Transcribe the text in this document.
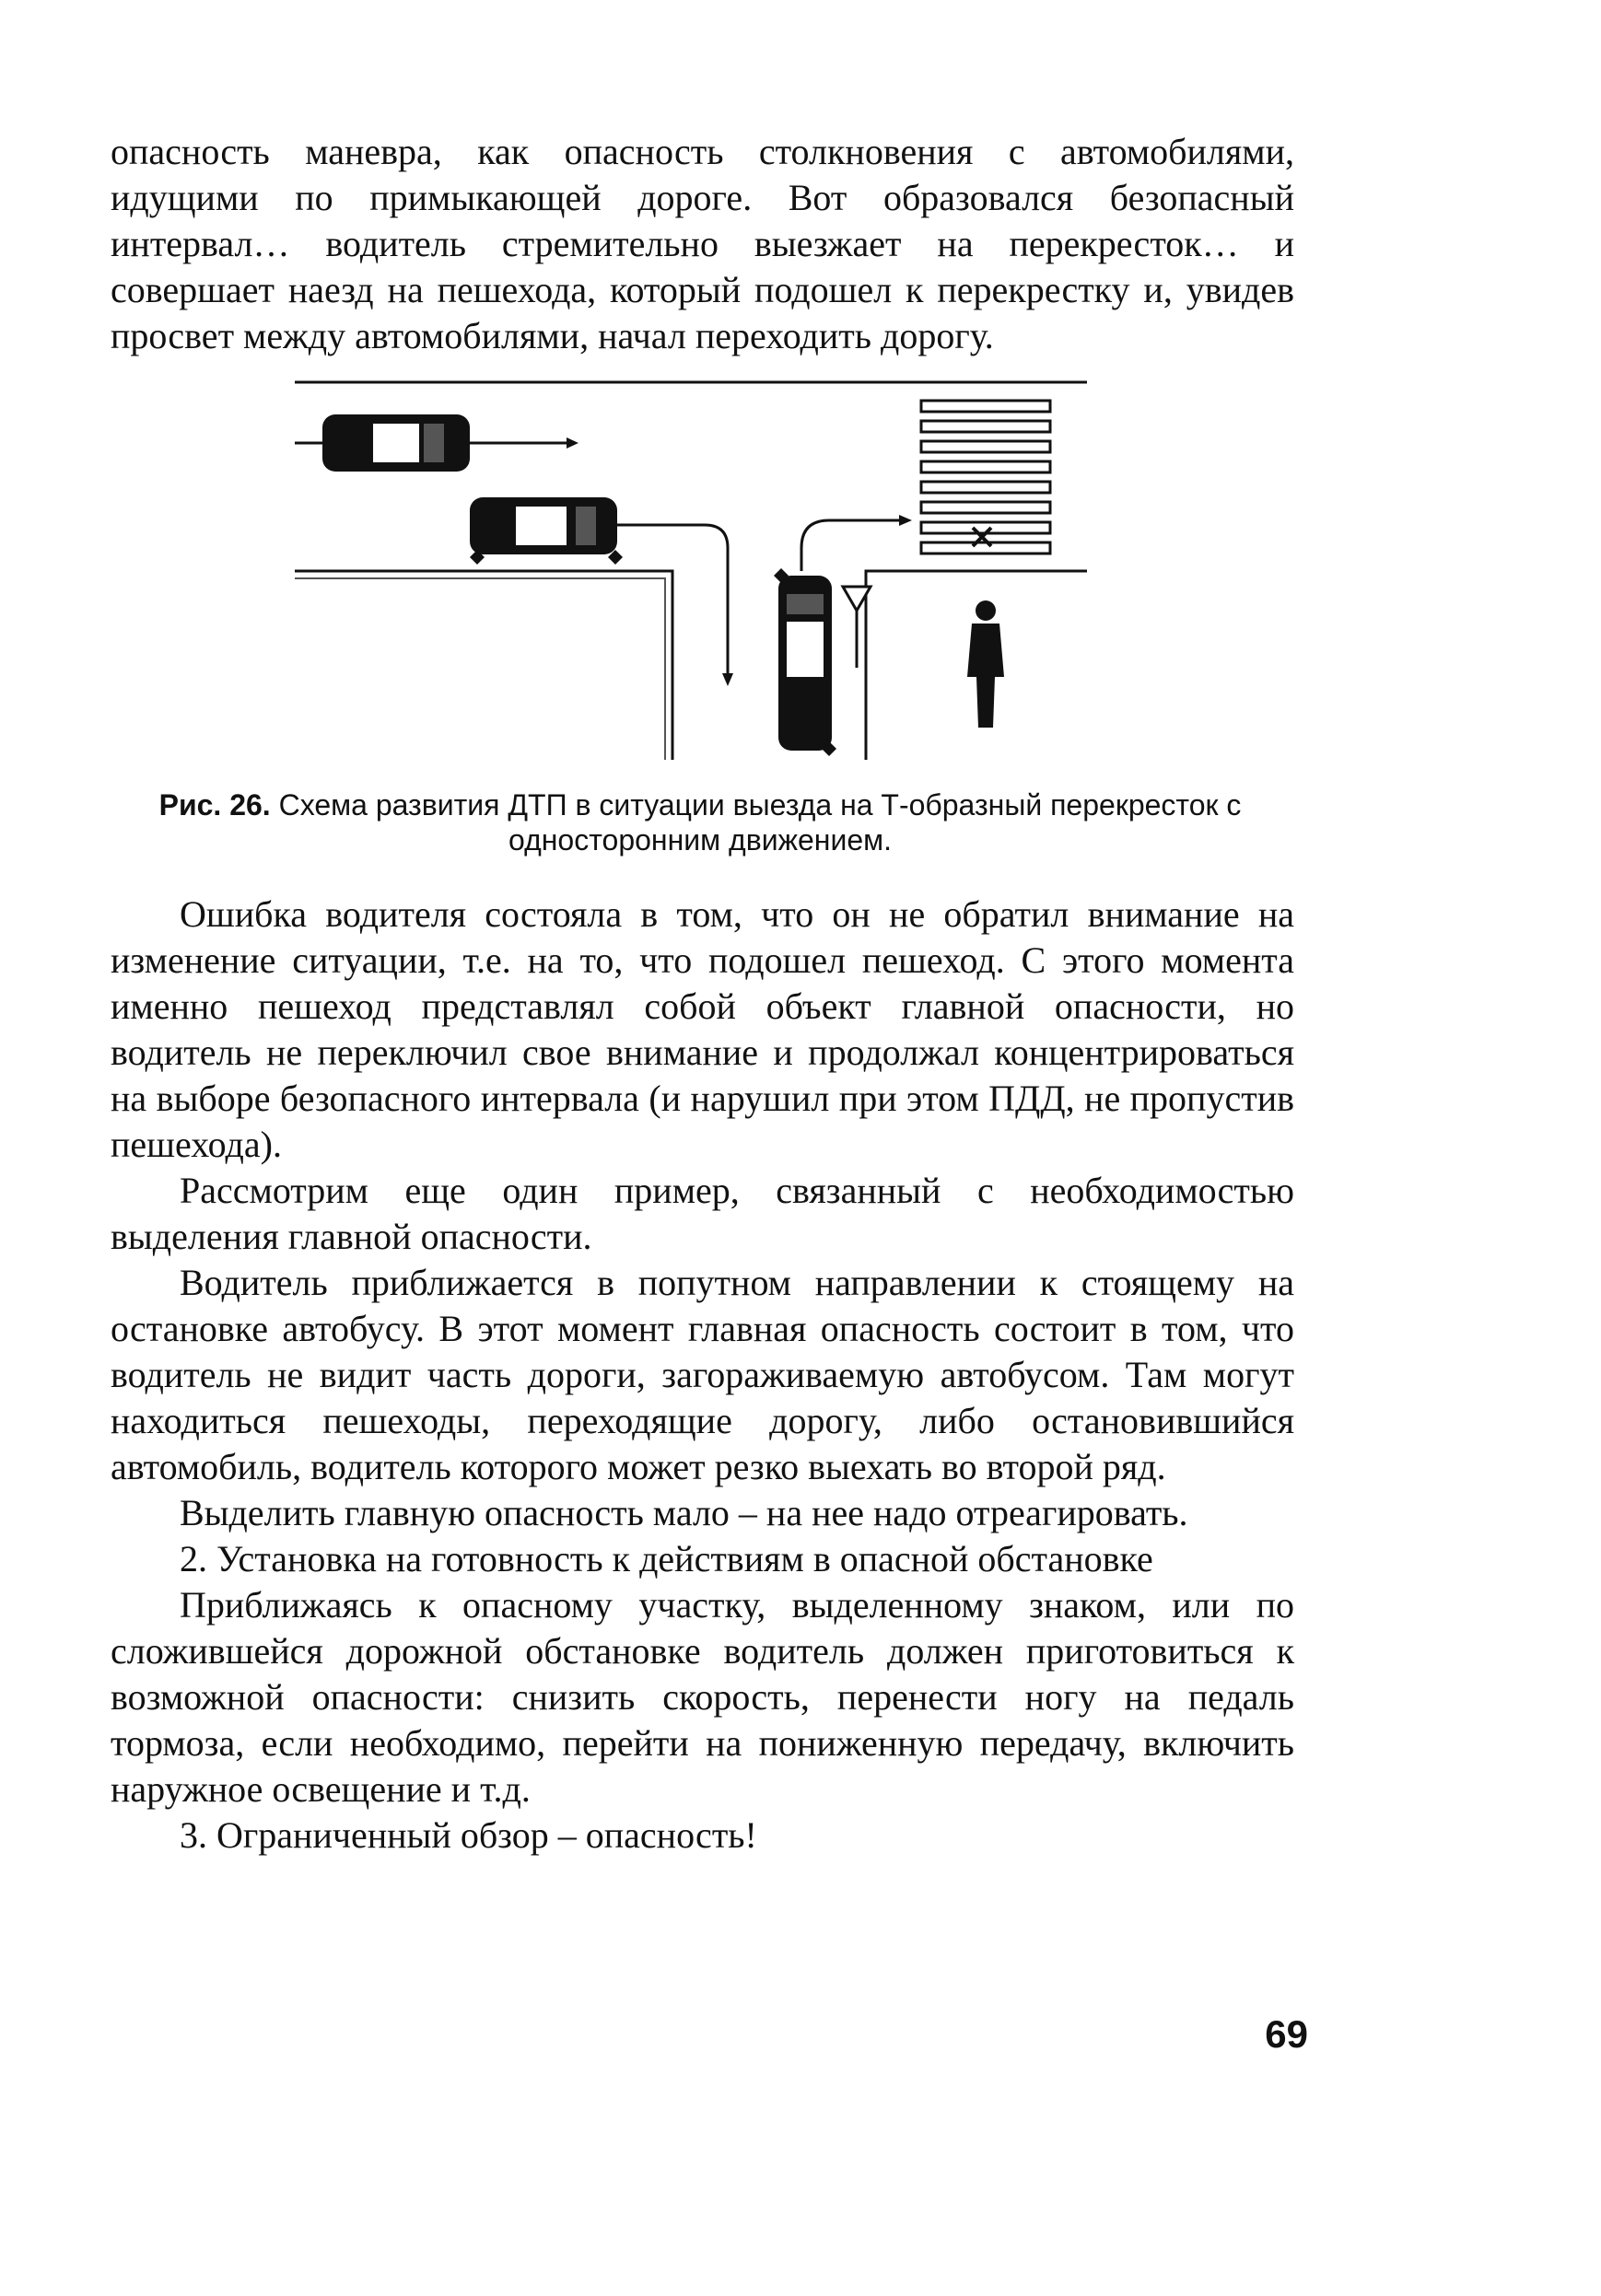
опасность маневра, как опасность столкновения с автомобилями, идущими по примыкающей дороге. Вот образовался безопасный интервал… водитель стремительно выезжает на перекресток… и совершает наезд на пешехода, который подошел к перекрестку и, увидев просвет между автомобилями, начал переходить дорогу.

Рис. 26. Схема развития ДТП в ситуации выезда на Т-образный перекресток с односторонним движением.

Ошибка водителя состояла в том, что он не обратил внимание на изменение ситуации, т.е. на то, что подошел пешеход. С этого момента именно пешеход представлял собой объект главной опасности, но водитель не переключил свое внимание и продолжал концентрироваться на выборе безопасного интервала (и нарушил при этом ПДД, не пропустив пешехода).

Рассмотрим еще один пример, связанный с необходимостью выделения главной опасности.

Водитель приближается в попутном направлении к стоящему на остановке автобусу. В этот момент главная опасность состоит в том, что водитель не видит часть дороги, загораживаемую автобусом. Там могут находиться пешеходы, переходящие дорогу, либо остановившийся автомобиль, водитель которого может резко выехать во второй ряд.

Выделить главную опасность мало – на нее надо отреагировать.

2. Установка на готовность к действиям в опасной обстановке

Приближаясь к опасному участку, выделенному знаком, или по сложившейся дорожной обстановке водитель должен приготовиться к возможной опасности: снизить скорость, перенести ногу на педаль тормоза, если необходимо, перейти на пониженную передачу, включить наружное освещение и т.д.

3. Ограниченный обзор – опасность!

69
